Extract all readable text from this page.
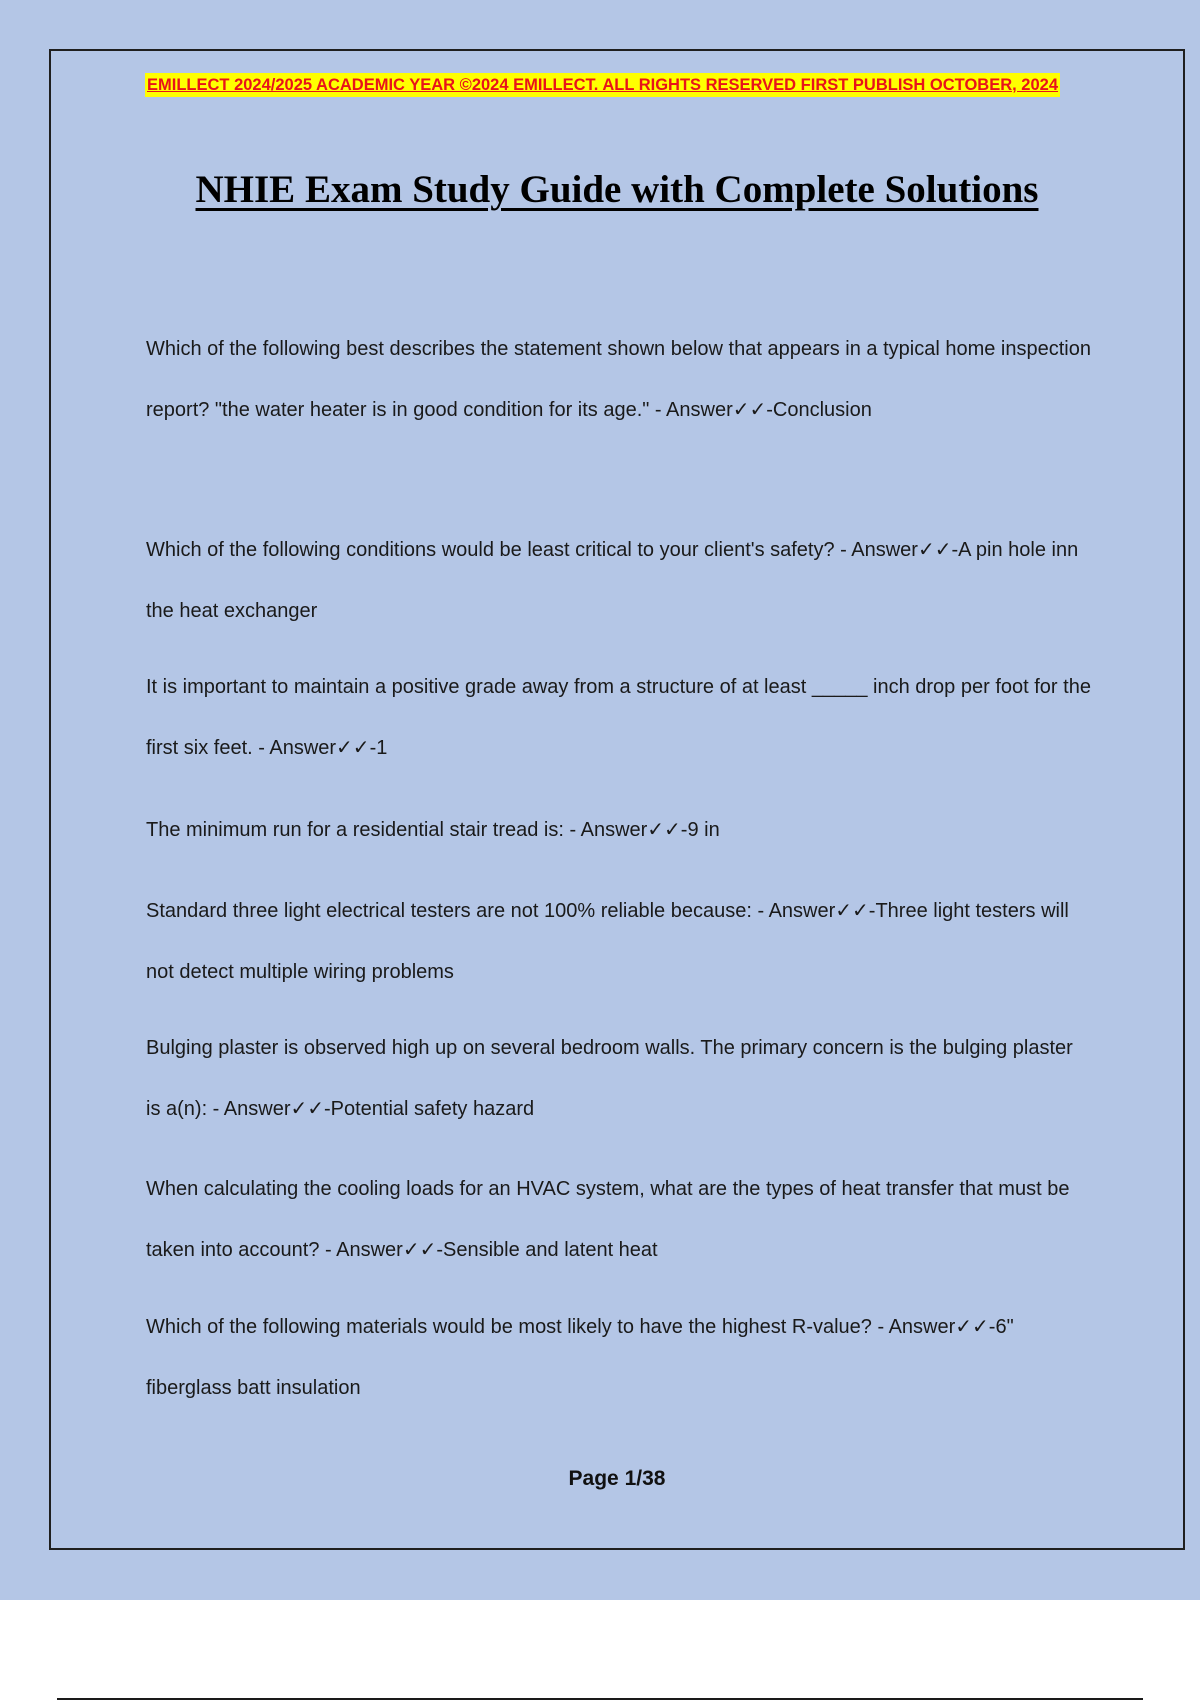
EMILLECT 2024/2025 ACADEMIC YEAR ©2024 EMILLECT. ALL RIGHTS RESERVED FIRST PUBLISH OCTOBER, 2024
NHIE Exam Study Guide with Complete Solutions

Which of the following best describes the statement shown below that appears in a typical home inspection report? "the water heater is in good condition for its age." - Answer✓✓-Conclusion

Which of the following conditions would be least critical to your client's safety? - Answer✓✓-A pin hole inn the heat exchanger

It is important to maintain a positive grade away from a structure of at least _____ inch drop per foot for the first six feet. - Answer✓✓-1

The minimum run for a residential stair tread is: - Answer✓✓-9 in

Standard three light electrical testers are not 100% reliable because: - Answer✓✓-Three light testers will not detect multiple wiring problems

Bulging plaster is observed high up on several bedroom walls. The primary concern is the bulging plaster is a(n): - Answer✓✓-Potential safety hazard

When calculating the cooling loads for an HVAC system, what are the types of heat transfer that must be taken into account? - Answer✓✓-Sensible and latent heat

Which of the following materials would be most likely to have the highest R-value? - Answer✓✓-6" fiberglass batt insulation

Page 1/38
